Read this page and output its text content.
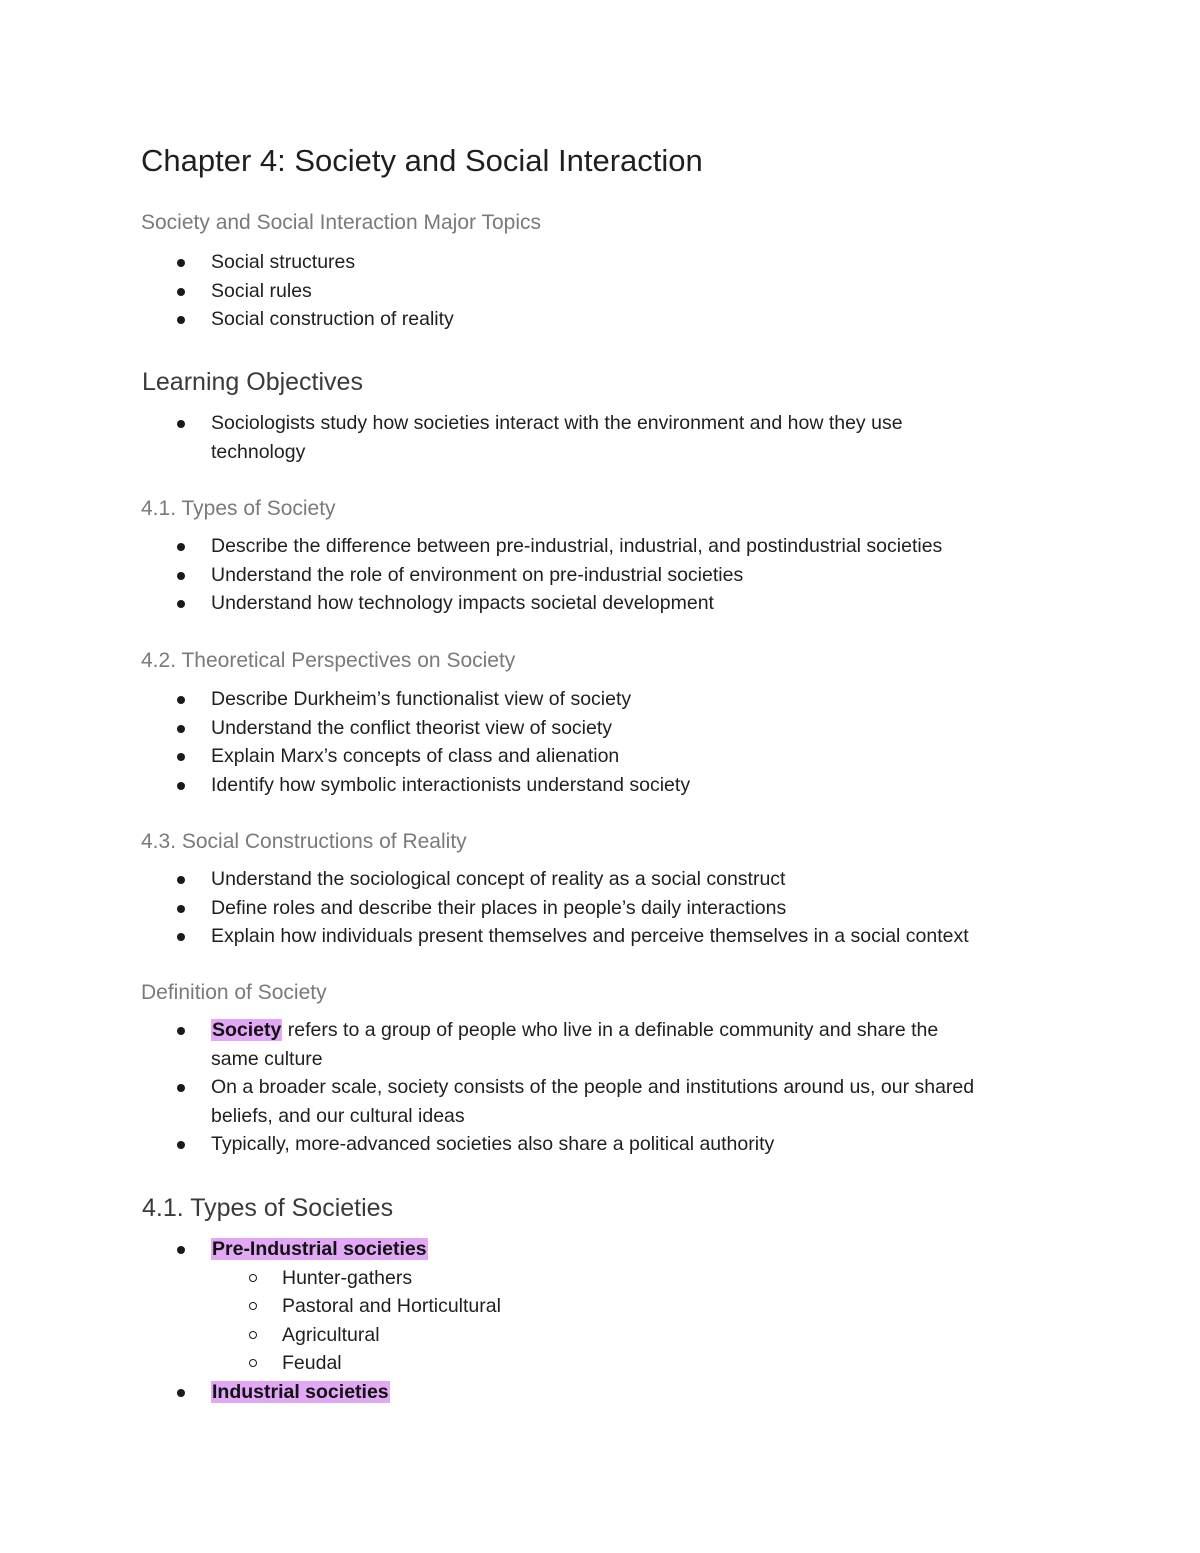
Chapter 4: Society and Social Interaction
Society and Social Interaction Major Topics
Social structures
Social rules
Social construction of reality
Learning Objectives
Sociologists study how societies interact with the environment and how they use
technology
4.1. Types of Society
Describe the difference between pre-industrial, industrial, and postindustrial societies
Understand the role of environment on pre-industrial societies
Understand how technology impacts societal development
4.2. Theoretical Perspectives on Society
Describe Durkheim’s functionalist view of society
Understand the conflict theorist view of society
Explain Marx’s concepts of class and alienation
Identify how symbolic interactionists understand society
4.3. Social Constructions of Reality
Understand the sociological concept of reality as a social construct
Define roles and describe their places in people’s daily interactions
Explain how individuals present themselves and perceive themselves in a social context
Definition of Society
Society refers to a group of people who live in a definable community and share the
same culture
On a broader scale, society consists of the people and institutions around us, our shared
beliefs, and our cultural ideas
Typically, more-advanced societies also share a political authority
4.1. Types of Societies
Pre-Industrial societies
Hunter-gathers
Pastoral and Horticultural
Agricultural
Feudal
Industrial societies
